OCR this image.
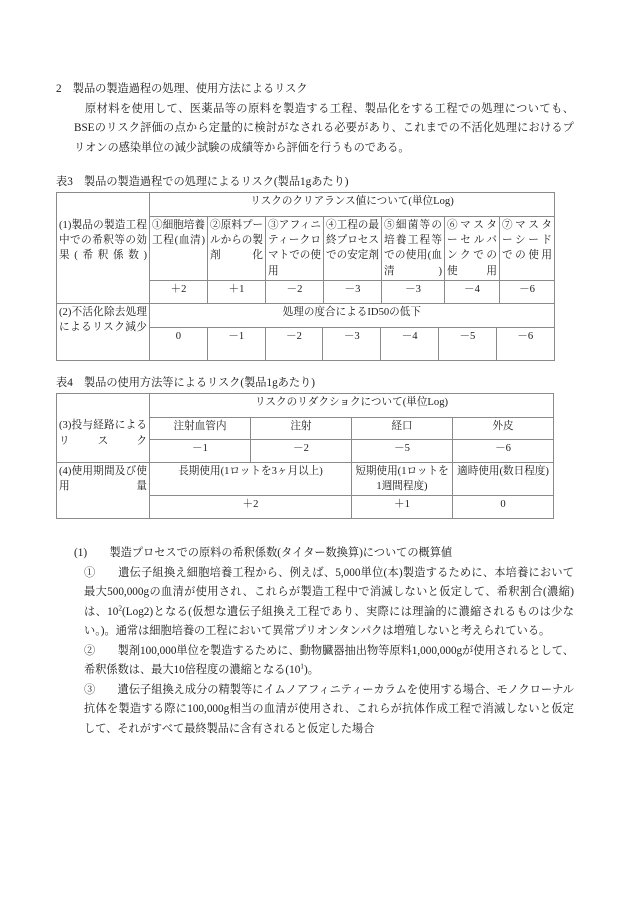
2　 製品の製造過程の処理、使用方法によるリスク

原材料を使用して、医薬品等の原料を製造する工程、製品化をする工程での処理についても、BSEのリスク評価の点から定量的に検討がなされる必要があり、これまでの不活化処理におけるプリオンの感染単位の減少試験の成績等から評価を行うものである。

表3　製品の製造過程での処理によるリスク(製品1gあたり)

	リスクのクリアランス値について(単位Log)						
(1)製品の製造工程中での希釈等の効果(希釈係数)	①細胞培養工程(血清)	②原料プールからの製剤化	③アフィニティークロマトでの使用	④工程の最終プロセスでの安定剤	⑤細菌等の培養工程等での使用(血清)	⑥マスターセルバンクでの使用	⑦マスターシードでの使用
	＋2	＋1	－2	－3	－3	－4	－6
(2)不活化除去処理によるリスク減少	処理の度合によるID50の低下						
	0	－1	－2	－3	－4	－5	－6

表4　製品の使用方法等によるリスク(製品1gあたり)

	リスクのリダクショクについて(単位Log)			
(3)投与経路によるリスク	注射血管内	注射	経口	外皮
	－1	－2	－5	－6
(4)使用期間及び使用量	長期使用(1ロットを3ヶ月以上)		短期使用(1ロットを1週間程度)	適時使用(数日程度)
	＋2		＋1	0

(1)　　 製造プロセスでの原料の希釈係数(タイター数換算)についての概算値

①　　 遺伝子組換え細胞培養工程から、例えば、5,000単位(本)製造するために、本培養において最大500,000gの血清が使用され、これらが製造工程中で消滅しないと仮定して、希釈割合(濃縮)は、$10^2(Log2)$となる(仮想な遺伝子組換え工程であり、実際には理論的に濃縮されるものは少ない。)。通常は細胞培養の工程において異常プリオンタンパクは増殖しないと考えられている。

②　　 製剤100,000単位を製造するために、動物臓器抽出物等原料1,000,000gが使用されるとして、希釈係数は、最大10倍程度の濃縮となる$(10^1)$。

③　　 遺伝子組換え成分の精製等にイムノアフィニティーカラムを使用する場合、モノクローナル抗体を製造する際に100,000g相当の血清が使用され、これらが抗体作成工程で消滅しないと仮定して、それがすべて最終製品に含有されると仮定した場合
